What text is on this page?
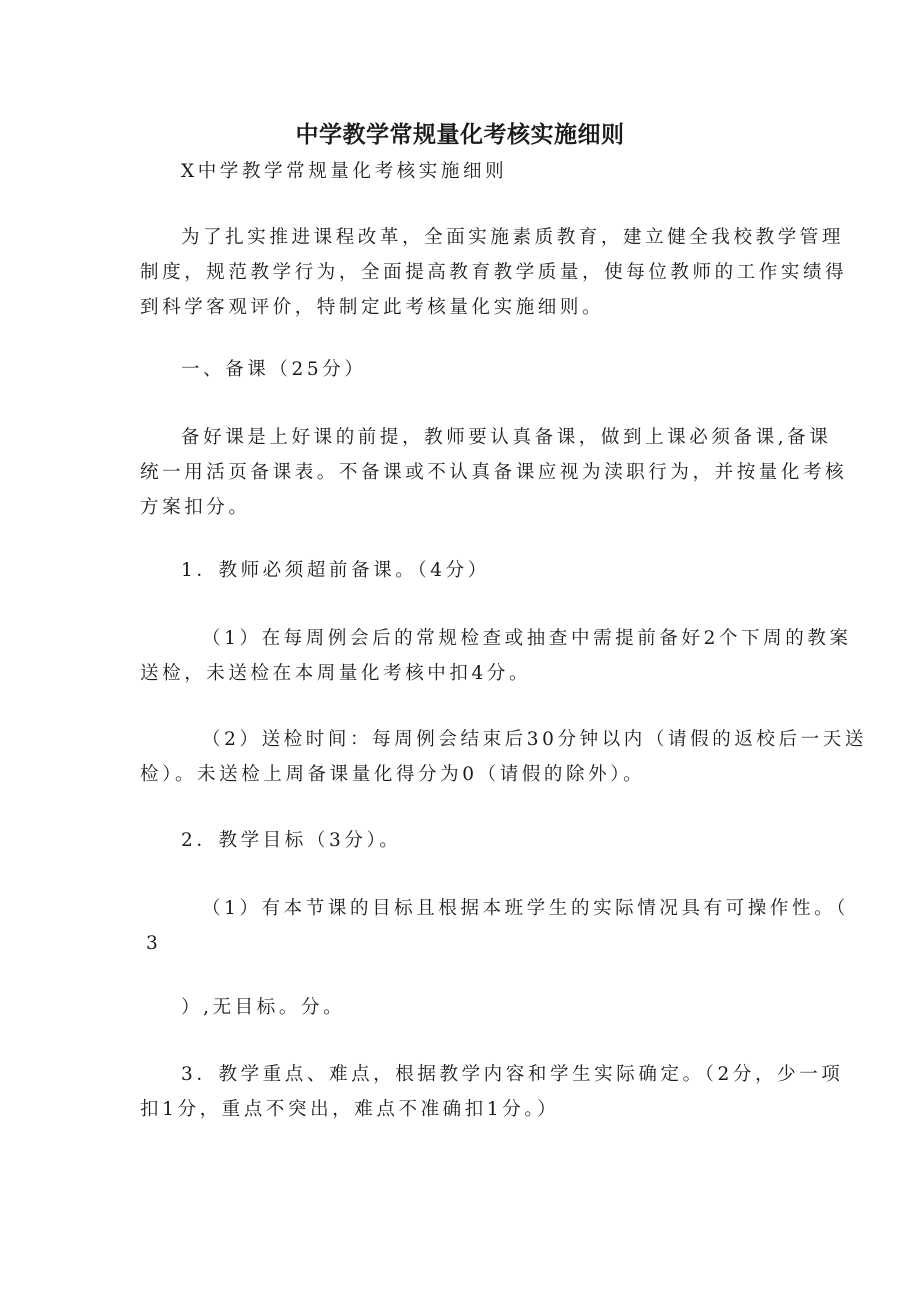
中学教学常规量化考核实施细则

X中学教学常规量化考核实施细则

为了扎实推进课程改革，全面实施素质教育，建立健全我校教学管理
制度，规范教学行为，全面提高教育教学质量，使每位教师的工作实绩得
到科学客观评价，特制定此考核量化实施细则。

一、备课（25分）

备好课是上好课的前提，教师要认真备课，做到上课必须备课,备课
统一用活页备课表。不备课或不认真备课应视为渎职行为，并按量化考核
方案扣分。

1．教师必须超前备课。（4分）

（1）在每周例会后的常规检查或抽查中需提前备好2个下周的教案
送检，未送检在本周量化考核中扣4分。

（2）送检时间：每周例会结束后30分钟以内（请假的返校后一天送
检）。未送检上周备课量化得分为0（请假的除外）。

2．教学目标（3分）。

（1）有本节课的目标且根据本班学生的实际情况具有可操作性。（
3

）,无目标。分。

3．教学重点、难点，根据教学内容和学生实际确定。（2分，少一项
扣1分，重点不突出，难点不准确扣1分。）
